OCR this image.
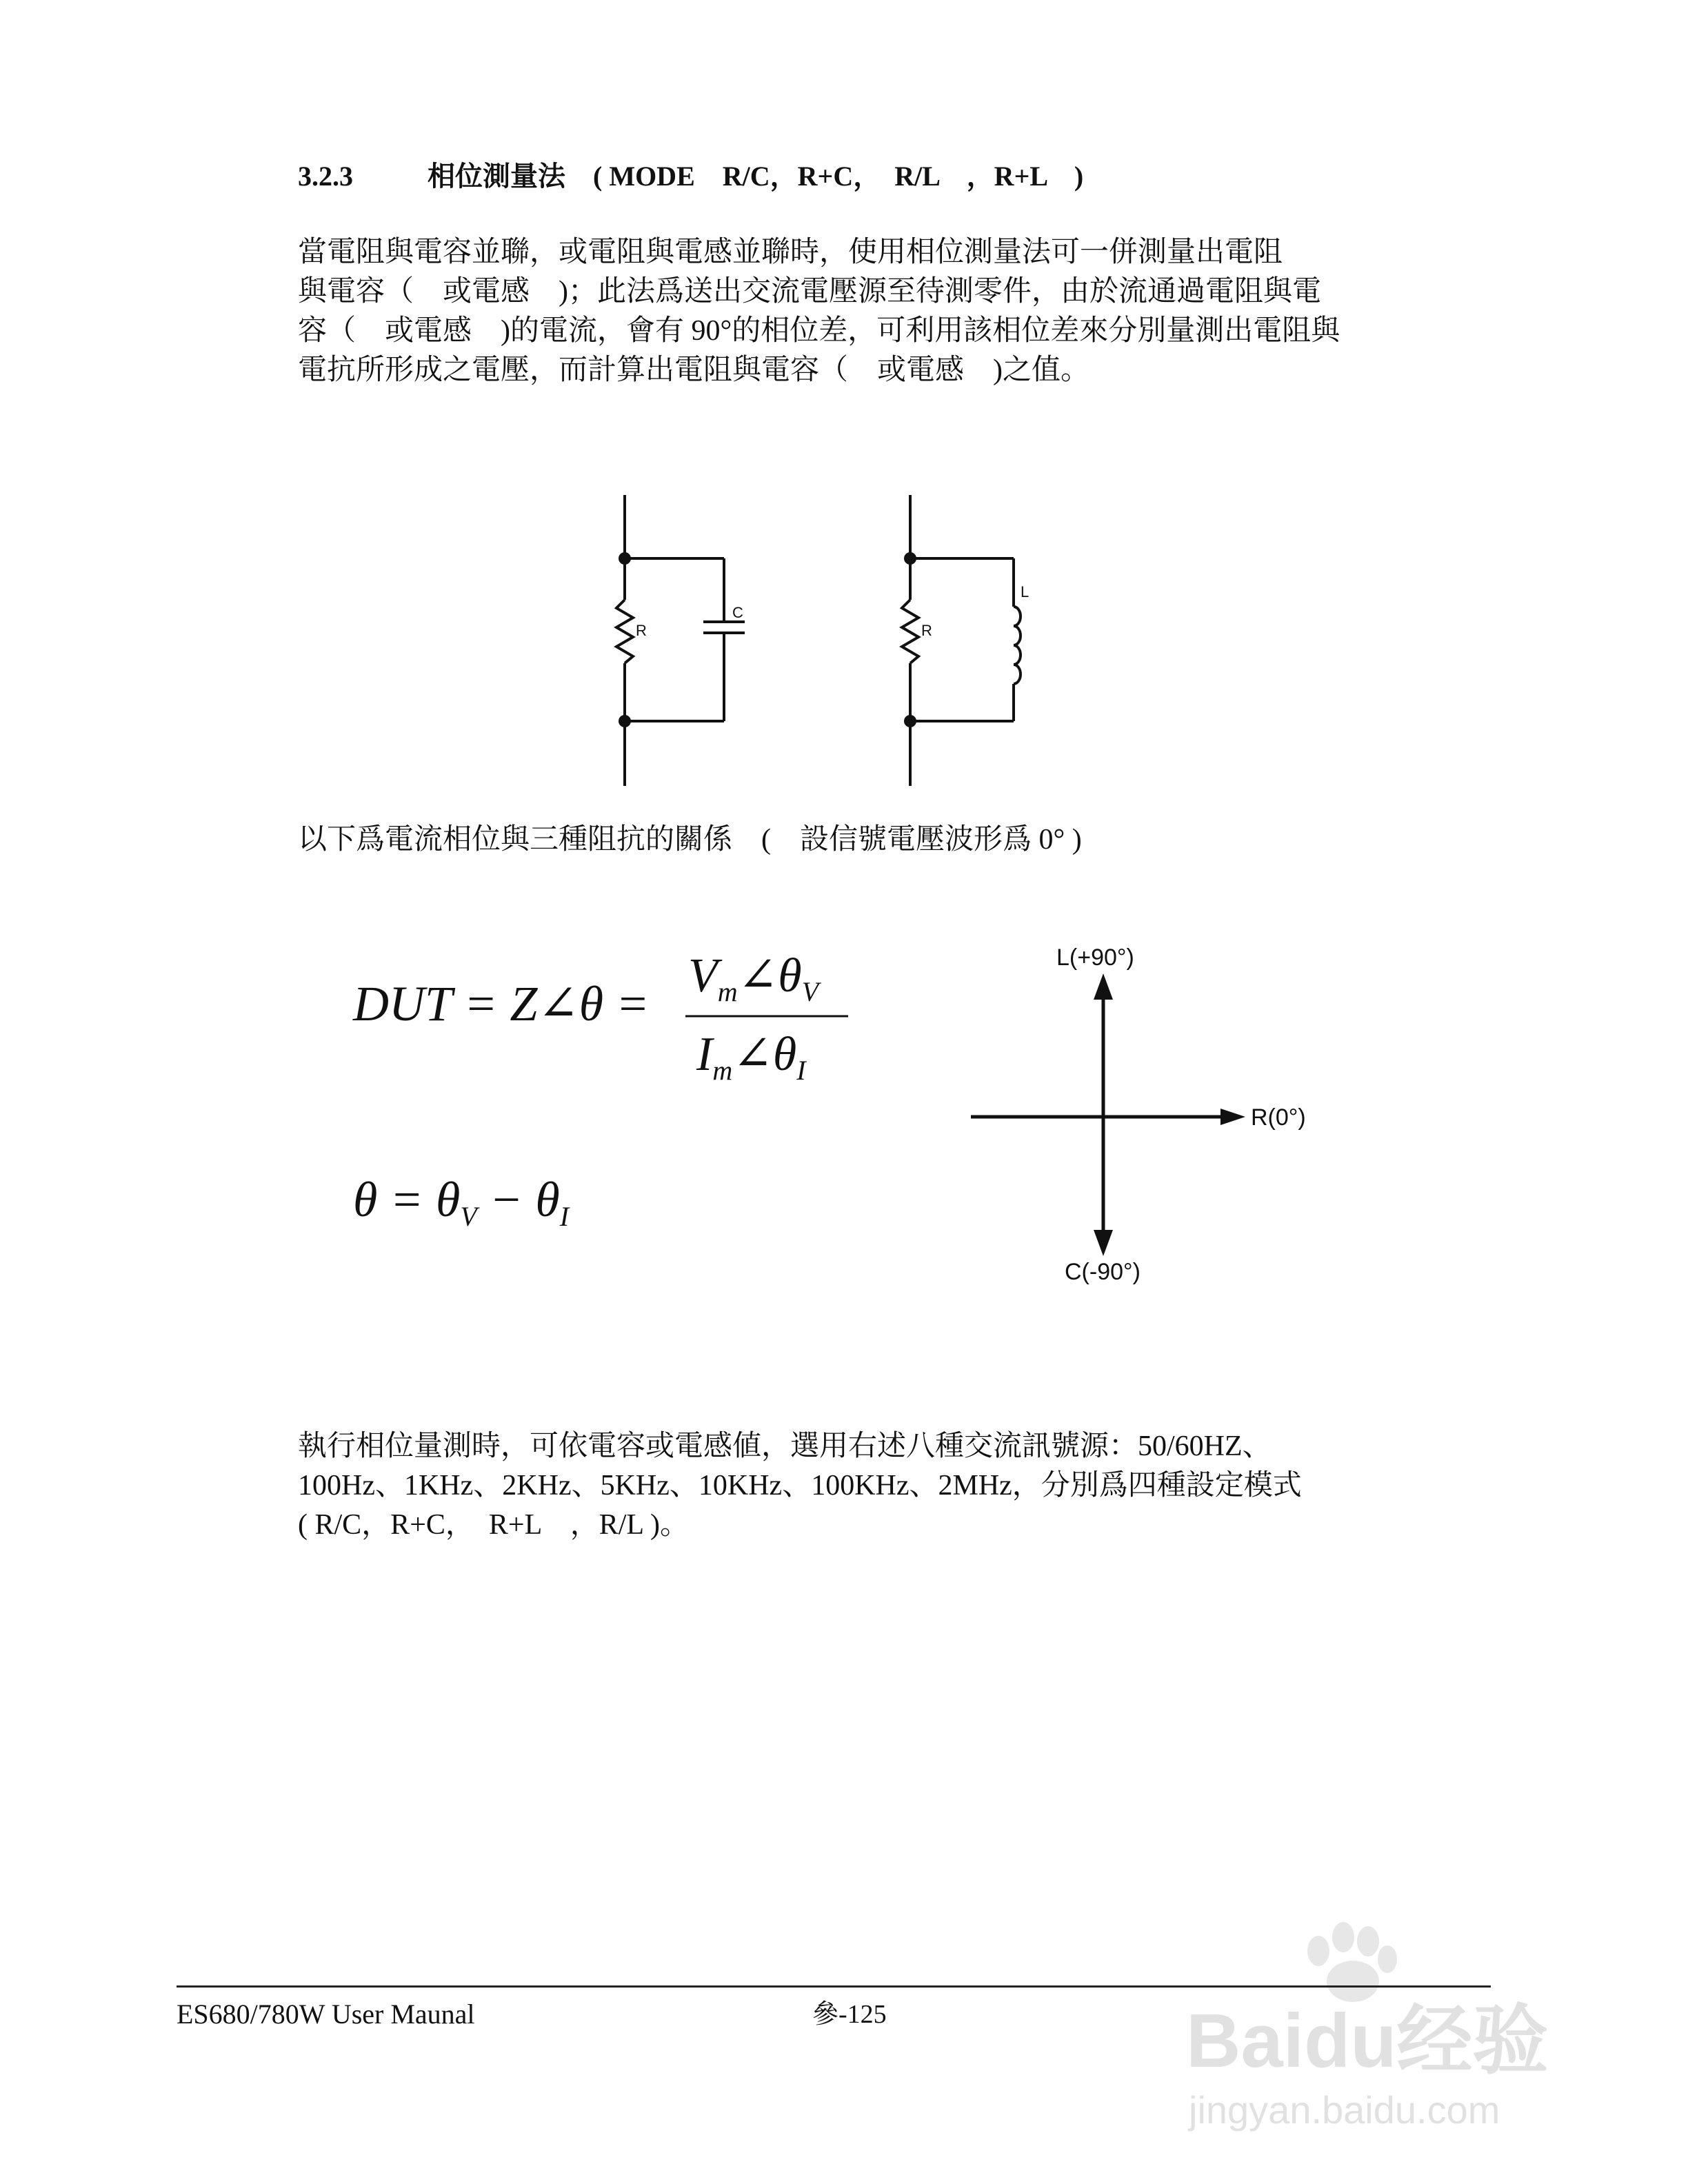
3.2.3	相位測量法　( MODE　R/C，R+C，　R/L　，R+L　)
當電阻與電容並聯，或電阻與電感並聯時，使用相位測量法可一併測量出電阻
與電容（　或電感　)；此法爲送出交流電壓源至待測零件，由於流通過電阻與電
容（　或電感　)的電流，會有 90°的相位差，可利用該相位差來分別量測出電阻與
電抗所形成之電壓，而計算出電阻與電容（　或電感　)之值。
R
C
R
L
以下爲電流相位與三種阻抗的關係　(　設信號電壓波形爲 0° )
DUT = Z∠θ =
$V_m\angle\theta_V$
$I_m\angle\theta_I$
θ = θV − θI
L(+90°)
R(0°)
C(-90°)
執行相位量測時，可依電容或電感値，選用右述八種交流訊號源：50/60HZ、
100Hz、1KHz、2KHz、5KHz、10KHz、100KHz、2MHz，分別爲四種設定模式
( R/C，R+C，　R+L　，R/L )。
Baidu经验
jingyan.baidu.com
ES680/780W User Maunal	參-125
